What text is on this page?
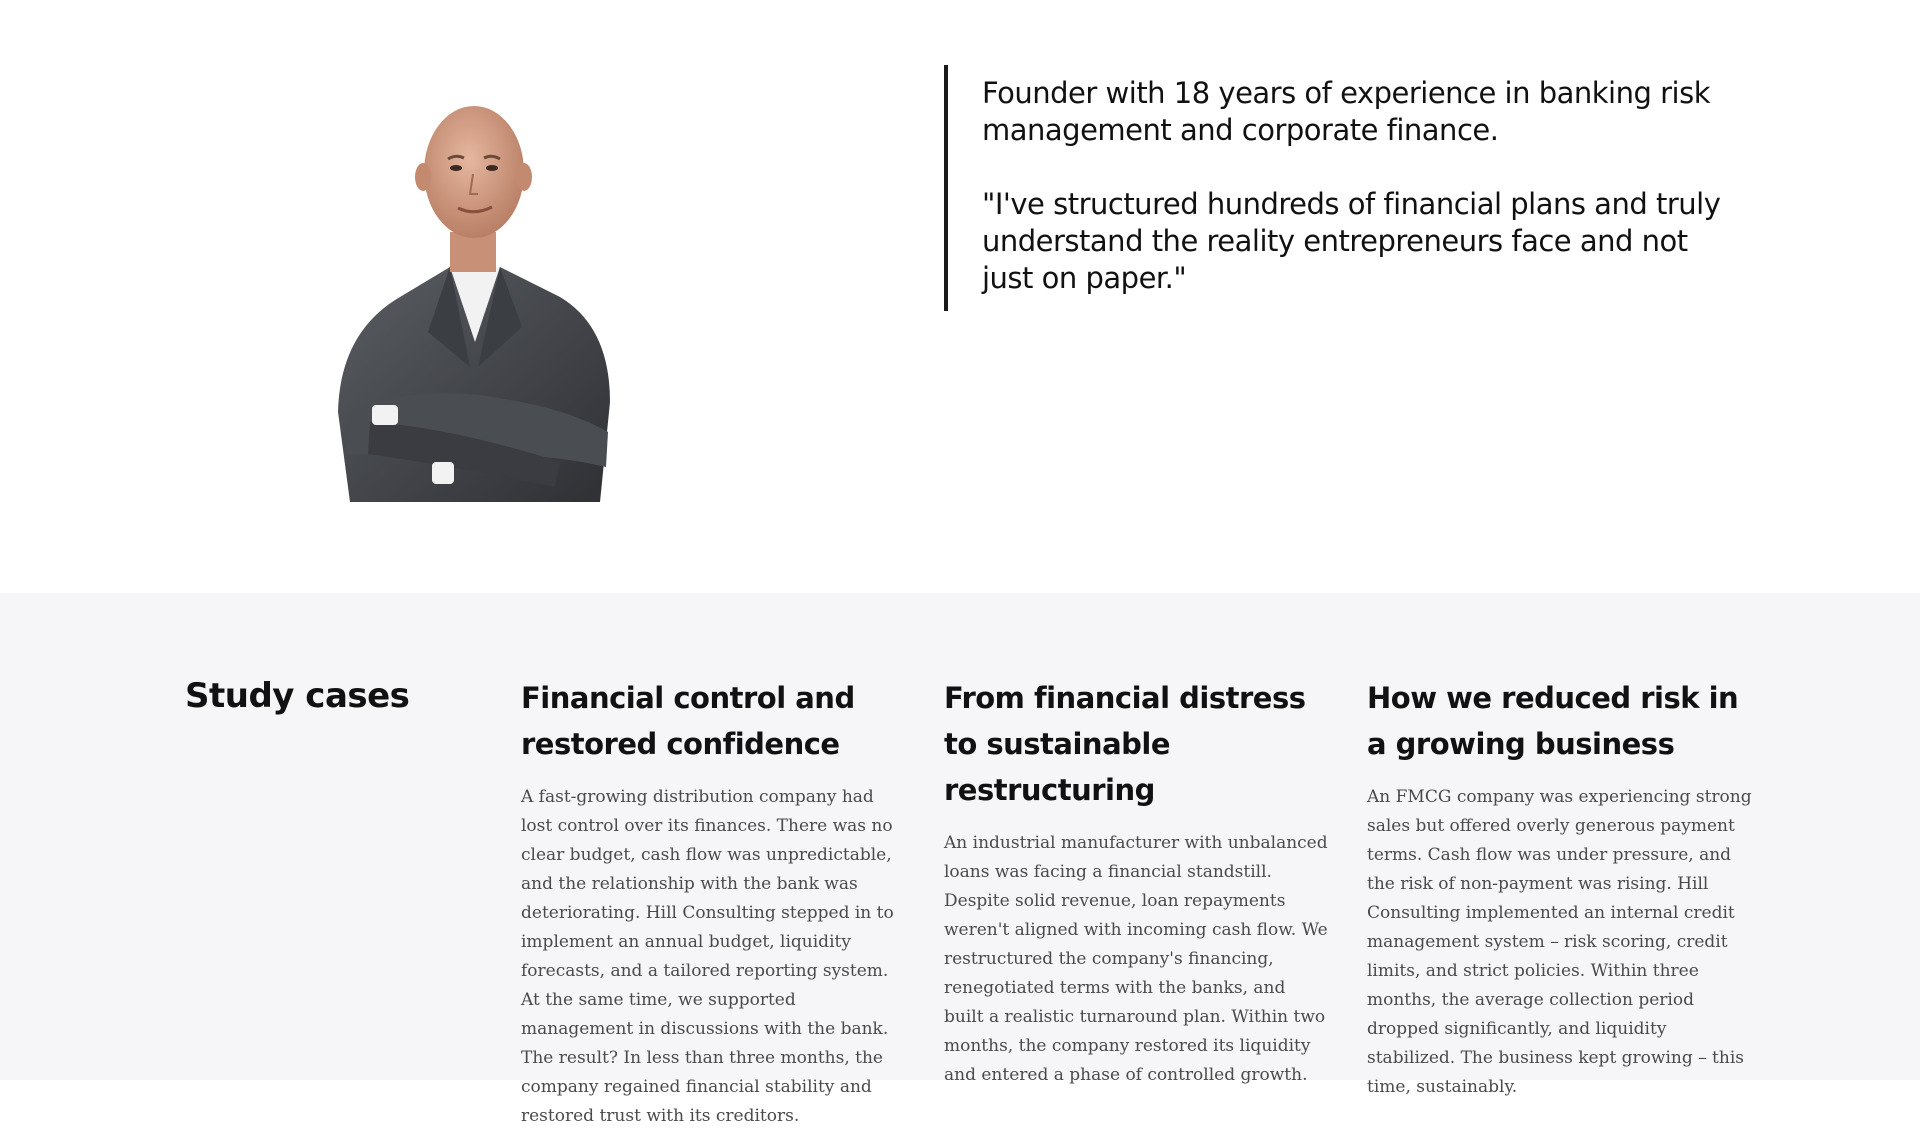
Founder with 18 years of experience in banking risk management and corporate finance.

"I've structured hundreds of financial plans and truly understand the reality entrepreneurs face and not just on paper."

Study cases	Financial control and restored confidence

A fast-growing distribution company had lost control over its finances. There was no clear budget, cash flow was unpredictable, and the relationship with the bank was deteriorating. Hill Consulting stepped in to implement an annual budget, liquidity forecasts, and a tailored reporting system. At the same time, we supported management in discussions with the bank. The result? In less than three months, the company regained financial stability and restored trust with its creditors.

From financial distress to sustainable restructuring

An industrial manufacturer with unbalanced loans was facing a financial standstill. Despite solid revenue, loan repayments weren't aligned with incoming cash flow. We restructured the company's financing, renegotiated terms with the banks, and built a realistic turnaround plan. Within two months, the company restored its liquidity and entered a phase of controlled growth.

How we reduced risk in a growing business

An FMCG company was experiencing strong sales but offered overly generous payment terms. Cash flow was under pressure, and the risk of non-payment was rising. Hill Consulting implemented an internal credit management system – risk scoring, credit limits, and strict policies. Within three months, the average collection period dropped significantly, and liquidity stabilized. The business kept growing – this time, sustainably.
